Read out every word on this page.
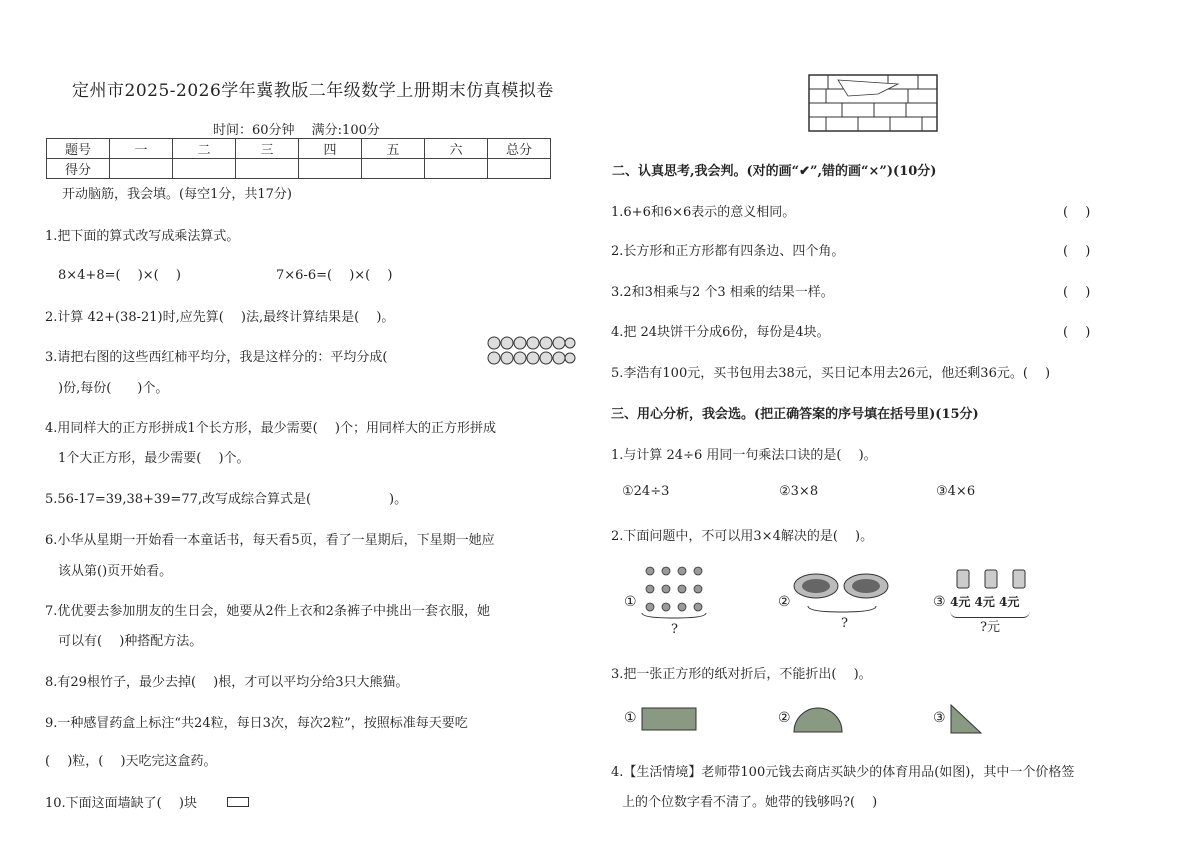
定州市2025-2026学年冀教版二年级数学上册期末仿真模拟卷
时间：60分钟　 满分:100分
题号	一	二	三	四	五	六	总分
得分							
开动脑筋，我会填。(每空1分，共17分)
1.把下面的算式改写成乘法算式。
8×4+8=(　 )×(　 )	7×6-6=(　 )×(　 )
2.计算 42+(38-21)时,应先算(　 )法,最终计算结果是(　 )。
3.请把右图的这些西红柿平均分，我是这样分的：平均分成(
　)份,每份(　　)个。
4.用同样大的正方形拼成1个长方形，最少需要(　 )个；用同样大的正方形拼成
　1个大正方形，最少需要(　 )个。
5.56-17=39,38+39=77,改写成综合算式是(　　　　　　)。
6.小华从星期一开始看一本童话书，每天看5页，看了一星期后，下星期一她应
　该从第()页开始看。
7.优优要去参加朋友的生日会，她要从2件上衣和2条裤子中挑出一套衣服，她
　可以有(　 )种搭配方法。
8.有29根竹子，最少去掉(　 )根，才可以平均分给3只大熊猫。
9.一种感冒药盒上标注“共24粒，每日3次，每次2粒”，按照标准每天要吃
(　 )粒，(　 )天吃完这盒药。
10.下面这面墙缺了(　 )块
二、认真思考,我会判。(对的画“✔”,错的画“×”)(10分)
1.6+6和6×6表示的意义相同。	(　 )
2.长方形和正方形都有四条边、四个角。	(　 )
3.2和3相乘与2 个3 相乘的结果一样。	(　 )
4.把 24块饼干分成6份，每份是4块。	(　 )
5.李浩有100元，买书包用去38元，买日记本用去26元，他还剩36元。(　 )
三、用心分析，我会选。(把正确答案的序号填在括号里)(15分)
1.与计算 24÷6 用同一句乘法口诀的是(　 )。
①24÷3	②3×8	③4×6
2.下面问题中，不可以用3×4解决的是(　 )。
①	②	③
?	?
4元 4元 4元
?元
3.把一张正方形的纸对折后，不能折出(　 )。
①	②	③
4.【生活情境】老师带100元钱去商店买缺少的体育用品(如图)，其中一个价格签
上的个位数字看不清了。她带的钱够吗?(　 )
